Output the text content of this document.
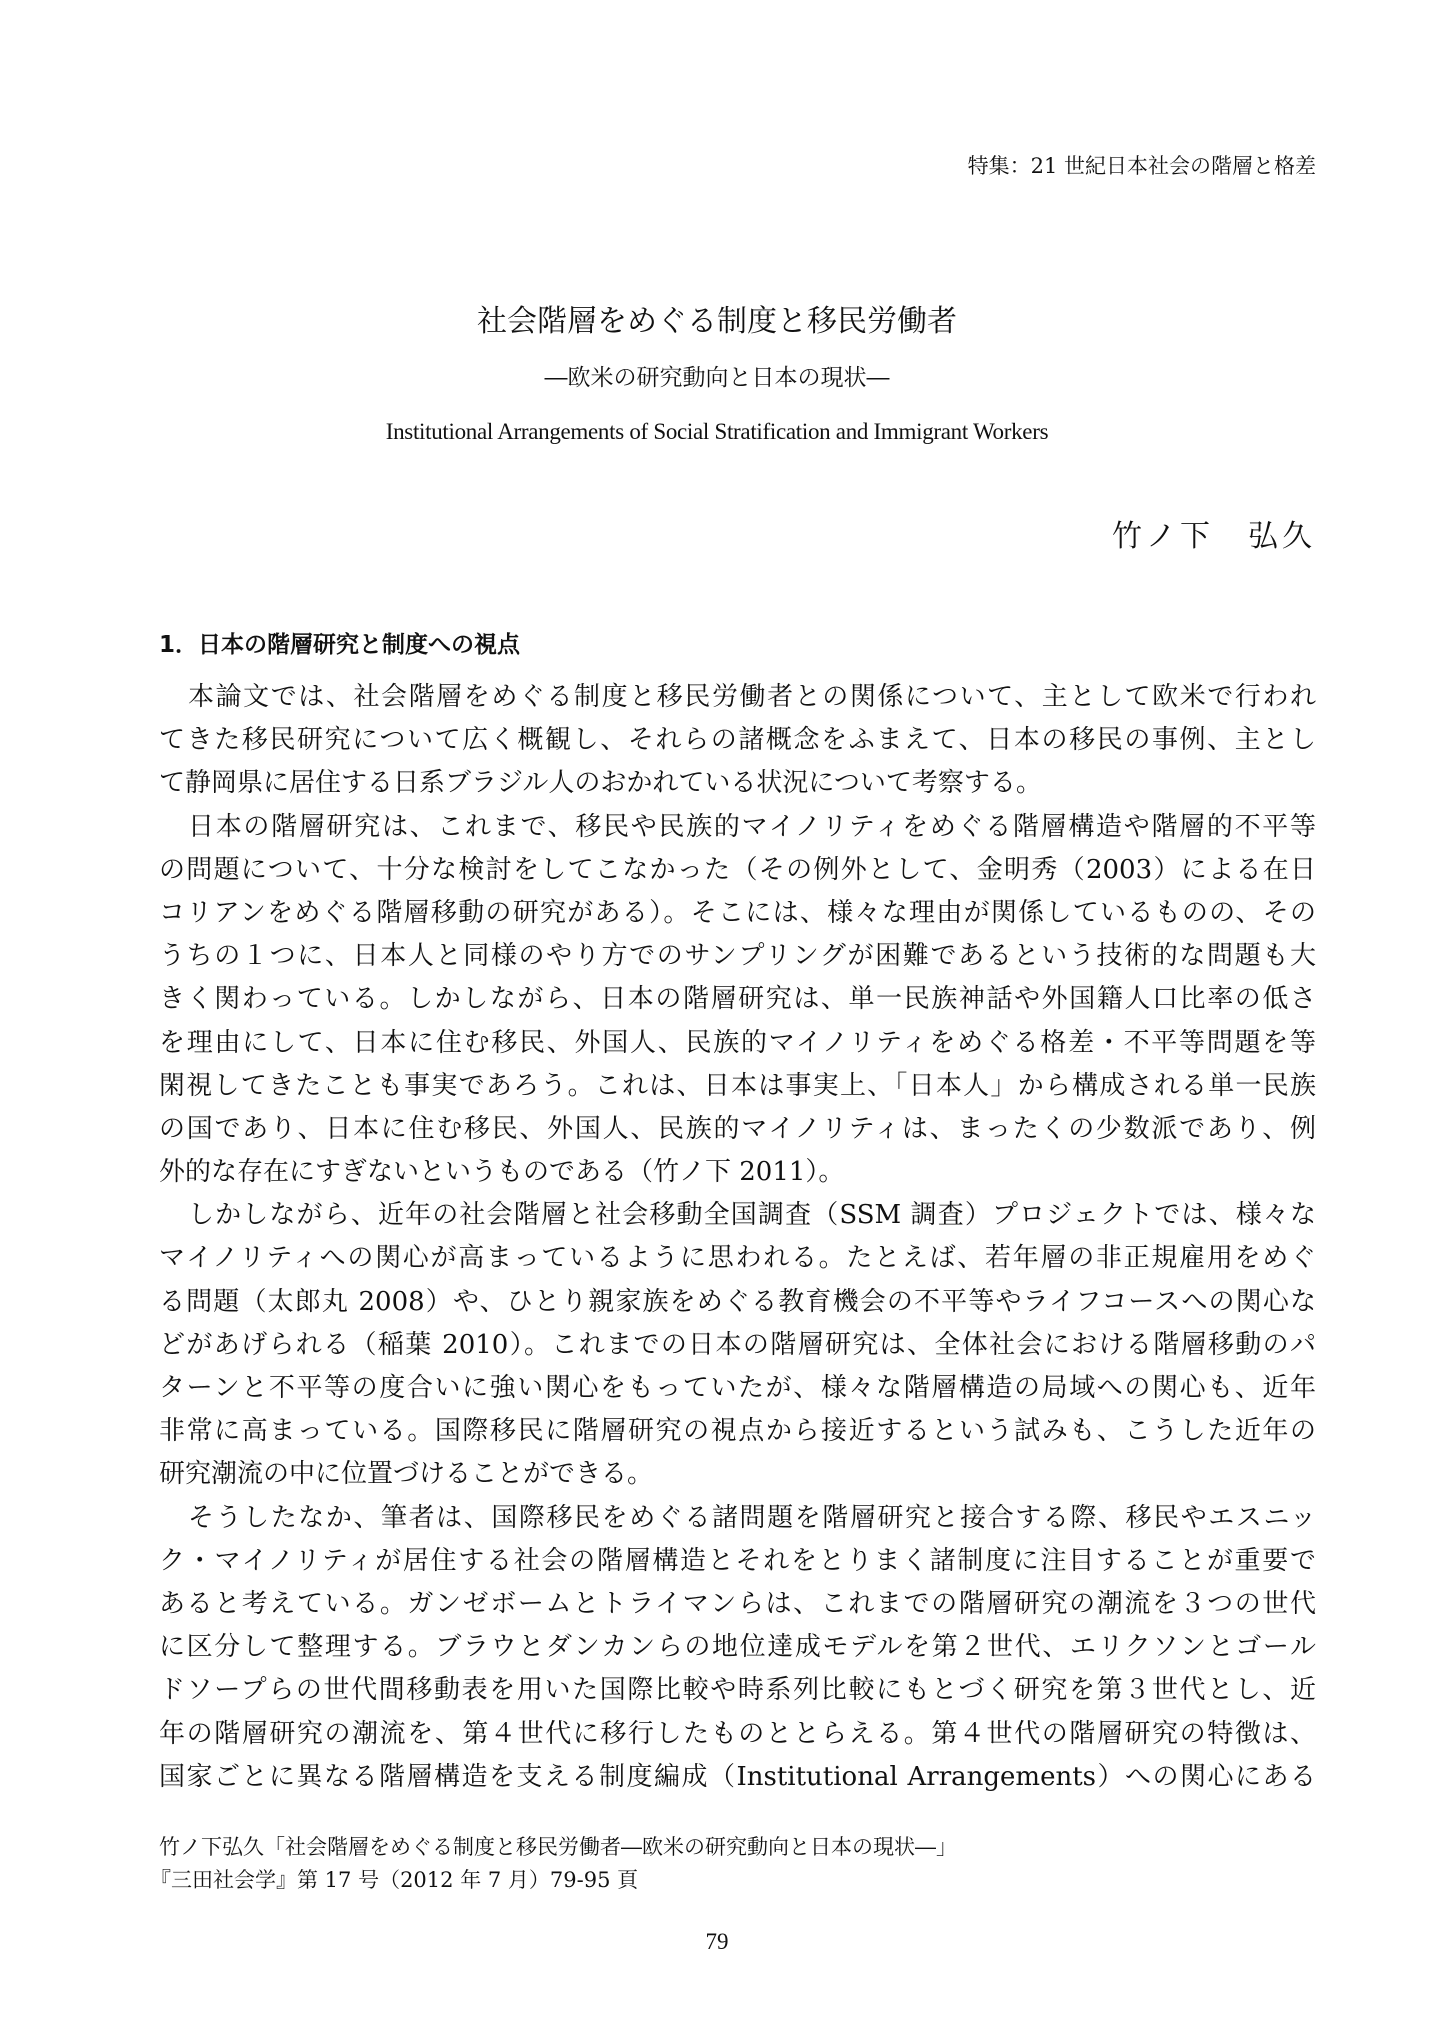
特集：21 世紀日本社会の階層と格差
社会階層をめぐる制度と移民労働者
―欧米の研究動向と日本の現状―
Institutional Arrangements of Social Stratification and Immigrant Workers
竹ノ下　弘久
1．日本の階層研究と制度への視点
本論文では、社会階層をめぐる制度と移民労働者との関係について、主として欧米で行われ
てきた移民研究について広く概観し、それらの諸概念をふまえて、日本の移民の事例、主とし
て静岡県に居住する日系ブラジル人のおかれている状況について考察する。
日本の階層研究は、これまで、移民や民族的マイノリティをめぐる階層構造や階層的不平等
の問題について、十分な検討をしてこなかった（その例外として、金明秀（2003）による在日
コリアンをめぐる階層移動の研究がある）。そこには、様々な理由が関係しているものの、その
うちの１つに、日本人と同様のやり方でのサンプリングが困難であるという技術的な問題も大
きく関わっている。しかしながら、日本の階層研究は、単一民族神話や外国籍人口比率の低さ
を理由にして、日本に住む移民、外国人、民族的マイノリティをめぐる格差・不平等問題を等
閑視してきたことも事実であろう。これは、日本は事実上、「日本人」から構成される単一民族
の国であり、日本に住む移民、外国人、民族的マイノリティは、まったくの少数派であり、例
外的な存在にすぎないというものである（竹ノ下 2011）。
しかしながら、近年の社会階層と社会移動全国調査（SSM 調査）プロジェクトでは、様々な
マイノリティへの関心が高まっているように思われる。たとえば、若年層の非正規雇用をめぐ
る問題（太郎丸 2008）や、ひとり親家族をめぐる教育機会の不平等やライフコースへの関心な
どがあげられる（稲葉 2010）。これまでの日本の階層研究は、全体社会における階層移動のパ
ターンと不平等の度合いに強い関心をもっていたが、様々な階層構造の局域への関心も、近年
非常に高まっている。国際移民に階層研究の視点から接近するという試みも、こうした近年の
研究潮流の中に位置づけることができる。
そうしたなか、筆者は、国際移民をめぐる諸問題を階層研究と接合する際、移民やエスニッ
ク・マイノリティが居住する社会の階層構造とそれをとりまく諸制度に注目することが重要で
あると考えている。ガンゼボームとトライマンらは、これまでの階層研究の潮流を３つの世代
に区分して整理する。ブラウとダンカンらの地位達成モデルを第２世代、エリクソンとゴール
ドソープらの世代間移動表を用いた国際比較や時系列比較にもとづく研究を第３世代とし、近
年の階層研究の潮流を、第４世代に移行したものととらえる。第４世代の階層研究の特徴は、
国家ごとに異なる階層構造を支える制度編成（Institutional Arrangements）への関心にある
竹ノ下弘久「社会階層をめぐる制度と移民労働者―欧米の研究動向と日本の現状―」
『三田社会学』第 17 号（2012 年 7 月）79-95 頁
79
